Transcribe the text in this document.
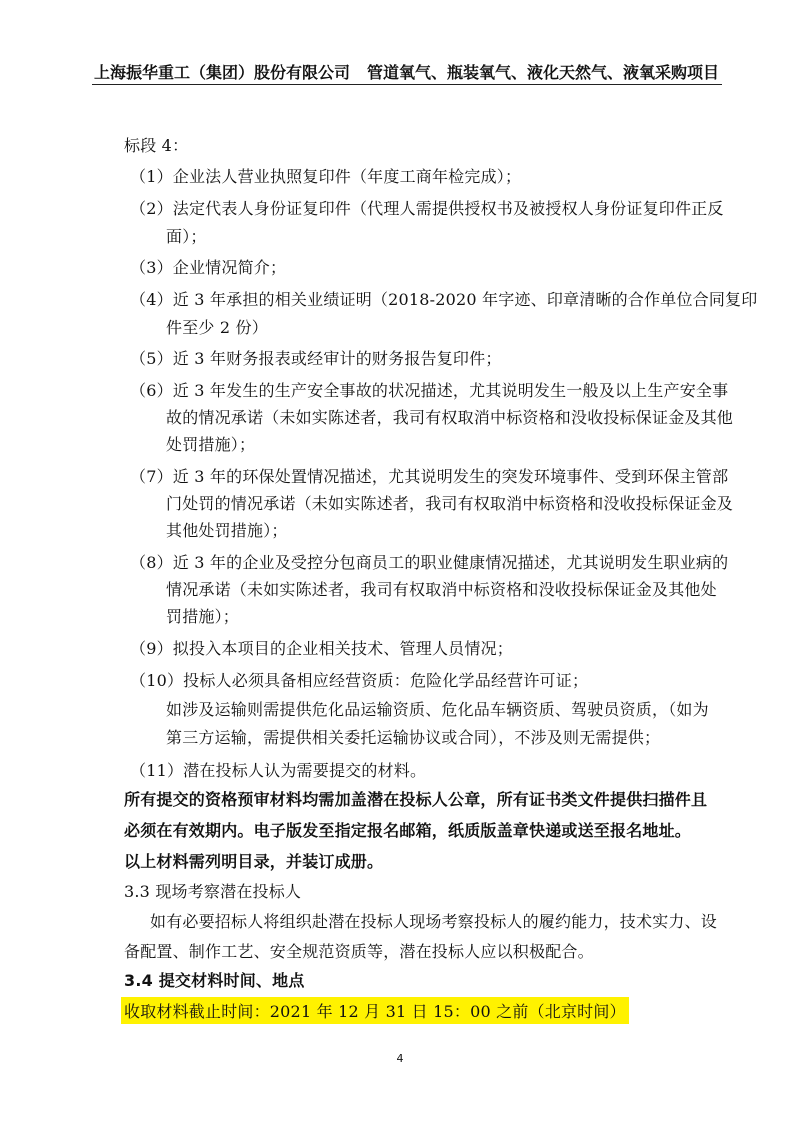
上海振华重工（集团）股份有限公司 管道氧气、瓶装氧气、液化天然气、液氧采购项目
标段 4：
（1）企业法人营业执照复印件（年度工商年检完成）；
（2）法定代表人身份证复印件（代理人需提供授权书及被授权人身份证复印件正反
面）；
（3）企业情况简介；
（4）近 3 年承担的相关业绩证明（2018-2020 年字迹、印章清晰的合作单位合同复印
件至少 2 份）
（5）近 3 年财务报表或经审计的财务报告复印件；
（6）近 3 年发生的生产安全事故的状况描述，尤其说明发生一般及以上生产安全事
故的情况承诺（未如实陈述者，我司有权取消中标资格和没收投标保证金及其他
处罚措施）；
（7）近 3 年的环保处置情况描述，尤其说明发生的突发环境事件、受到环保主管部
门处罚的情况承诺（未如实陈述者，我司有权取消中标资格和没收投标保证金及
其他处罚措施）；
（8）近 3 年的企业及受控分包商员工的职业健康情况描述，尤其说明发生职业病的
情况承诺（未如实陈述者，我司有权取消中标资格和没收投标保证金及其他处
罚措施）；
（9）拟投入本项目的企业相关技术、管理人员情况；
（10）投标人必须具备相应经营资质：危险化学品经营许可证；
如涉及运输则需提供危化品运输资质、危化品车辆资质、驾驶员资质，（如为
第三方运输，需提供相关委托运输协议或合同），不涉及则无需提供；
（11）潜在投标人认为需要提交的材料。
所有提交的资格预审材料均需加盖潜在投标人公章，所有证书类文件提供扫描件且
必须在有效期内。电子版发至指定报名邮箱，纸质版盖章快递或送至报名地址。
以上材料需列明目录，并装订成册。
3.3 现场考察潜在投标人
如有必要招标人将组织赴潜在投标人现场考察投标人的履约能力，技术实力、设
备配置、制作工艺、安全规范资质等，潜在投标人应以积极配合。
3.4 提交材料时间、地点
收取材料截止时间：2021 年 12 月 31 日 15：00 之前（北京时间）
4
